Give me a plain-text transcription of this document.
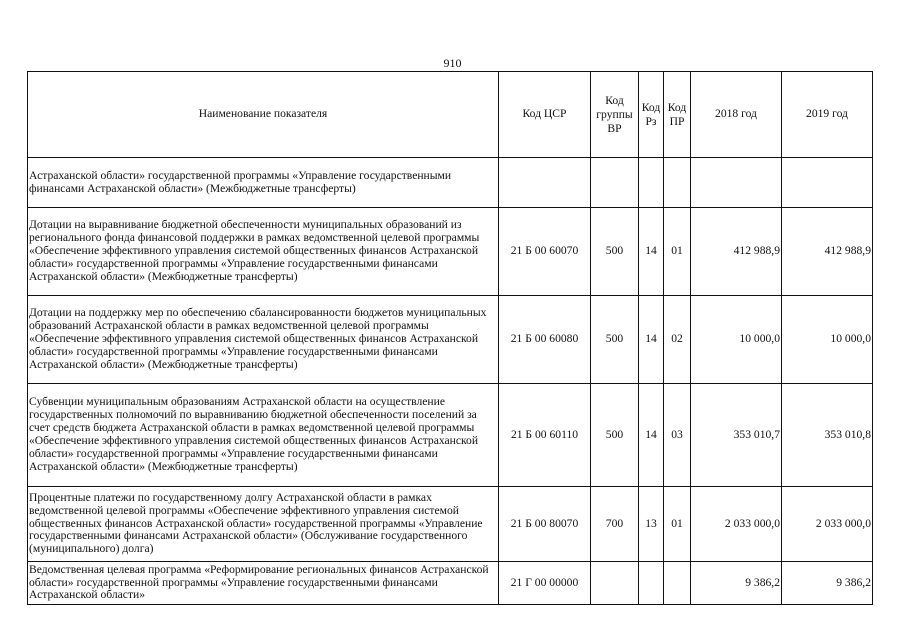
910
Наименование показателя	Код ЦСР	Код группы ВР	Код Рз	Код ПР	2018 год	2019 год
Астраханской области» государственной программы «Управление государственными финансами Астраханской области» (Межбюджетные трансферты)						
Дотации на выравнивание бюджетной обеспеченности муниципальных образований из регионального фонда финансовой поддержки в рамках ведомственной целевой программы «Обеспечение эффективного управления системой общественных финансов Астраханской области» государственной программы «Управление государственными финансами Астраханской области» (Межбюджетные трансферты)	21 Б 00 60070	500	14	01	412 988,9	412 988,9
Дотации на поддержку мер по обеспечению сбалансированности бюджетов муниципальных образований Астраханской области в рамках ведомственной целевой программы «Обеспечение эффективного управления системой общественных финансов Астраханской области» государственной программы «Управление государственными финансами Астраханской области» (Межбюджетные трансферты)	21 Б 00 60080	500	14	02	10 000,0	10 000,0
Субвенции муниципальным образованиям Астраханской области на осуществление государственных полномочий по выравниванию бюджетной обеспеченности поселений за счет средств бюджета Астраханской области в рамках ведомственной целевой программы «Обеспечение эффективного управления системой общественных финансов Астраханской области» государственной программы «Управление государственными финансами Астраханской области» (Межбюджетные трансферты)	21 Б 00 60110	500	14	03	353 010,7	353 010,8
Процентные платежи по государственному долгу Астраханской области в рамках ведомственной целевой программы «Обеспечение эффективного управления системой общественных финансов Астраханской области» государственной программы «Управление государственными финансами Астраханской области» (Обслуживание государственного (муниципального) долга)	21 Б 00 80070	700	13	01	2 033 000,0	2 033 000,0
Ведомственная целевая программа «Реформирование региональных финансов Астраханской области» государственной программы «Управление государственными финансами Астраханской области»	21 Г 00 00000				9 386,2	9 386,2
